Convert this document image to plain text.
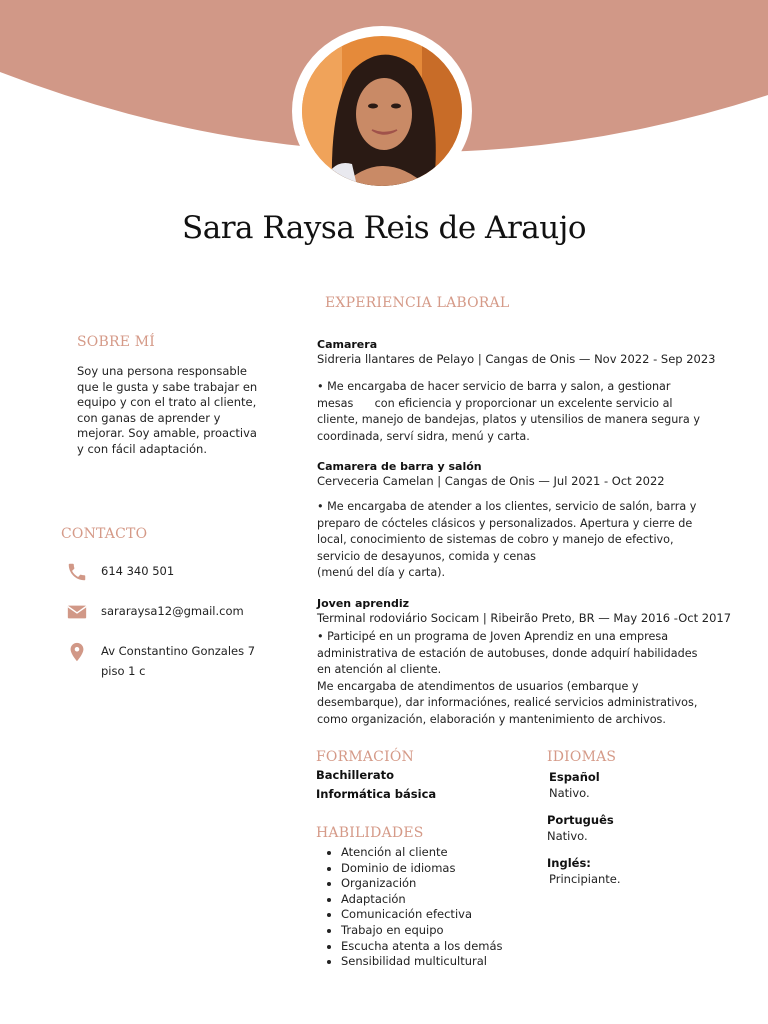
Sara Raysa Reis de Araujo
SOBRE MÍ
Soy una persona responsable que le gusta y sabe trabajar en equipo y con el trato al cliente, con ganas de aprender y mejorar. Soy amable, proactiva y con fácil adaptación.
CONTACTO
614 340 501
sararaysa12@gmail.com
Av Constantino Gonzales 7
piso 1 c
EXPERIENCIA LABORAL
Camarera
Sidreria llantares de Pelayo | Cangas de Onis — Nov 2022 - Sep 2023
• Me encargaba de hacer servicio de barra y salon, a gestionar
mesas      con eficiencia y proporcionar un excelente servicio al
cliente, manejo de bandejas, platos y utensilios de manera segura y
coordinada, serví sidra, menú y carta.
Camarera de barra y salón
Cerveceria Camelan | Cangas de Onis — Jul 2021 - Oct 2022
• Me encargaba de atender a los clientes, servicio de salón, barra y
preparo de cócteles clásicos y personalizados. Apertura y cierre de
local, conocimiento de sistemas de cobro y manejo de efectivo,
servicio de desayunos, comida y cenas
(menú del día y carta).
Joven aprendiz
Terminal rodoviário Socicam | Ribeirão Preto, BR — May 2016 -Oct 2017
• Participé en un programa de Joven Aprendiz en una empresa
administrativa de estación de autobuses, donde adquirí habilidades
en atención al cliente.
Me encargaba de atendimentos de usuarios (embarque y
desembarque), dar informaciónes, realicé servicios administrativos,
como organización, elaboración y mantenimiento de archivos.
FORMACIÓN
Bachillerato
Informática básica
HABILIDADES
• Atención al cliente
• Dominio de idiomas
• Organización
• Adaptación
• Comunicación efectiva
• Trabajo en equipo
• Escucha atenta a los demás
• Sensibilidad multicultural
IDIOMAS
Español
Nativo.
Português
Nativo.
Inglés:
Principiante.
